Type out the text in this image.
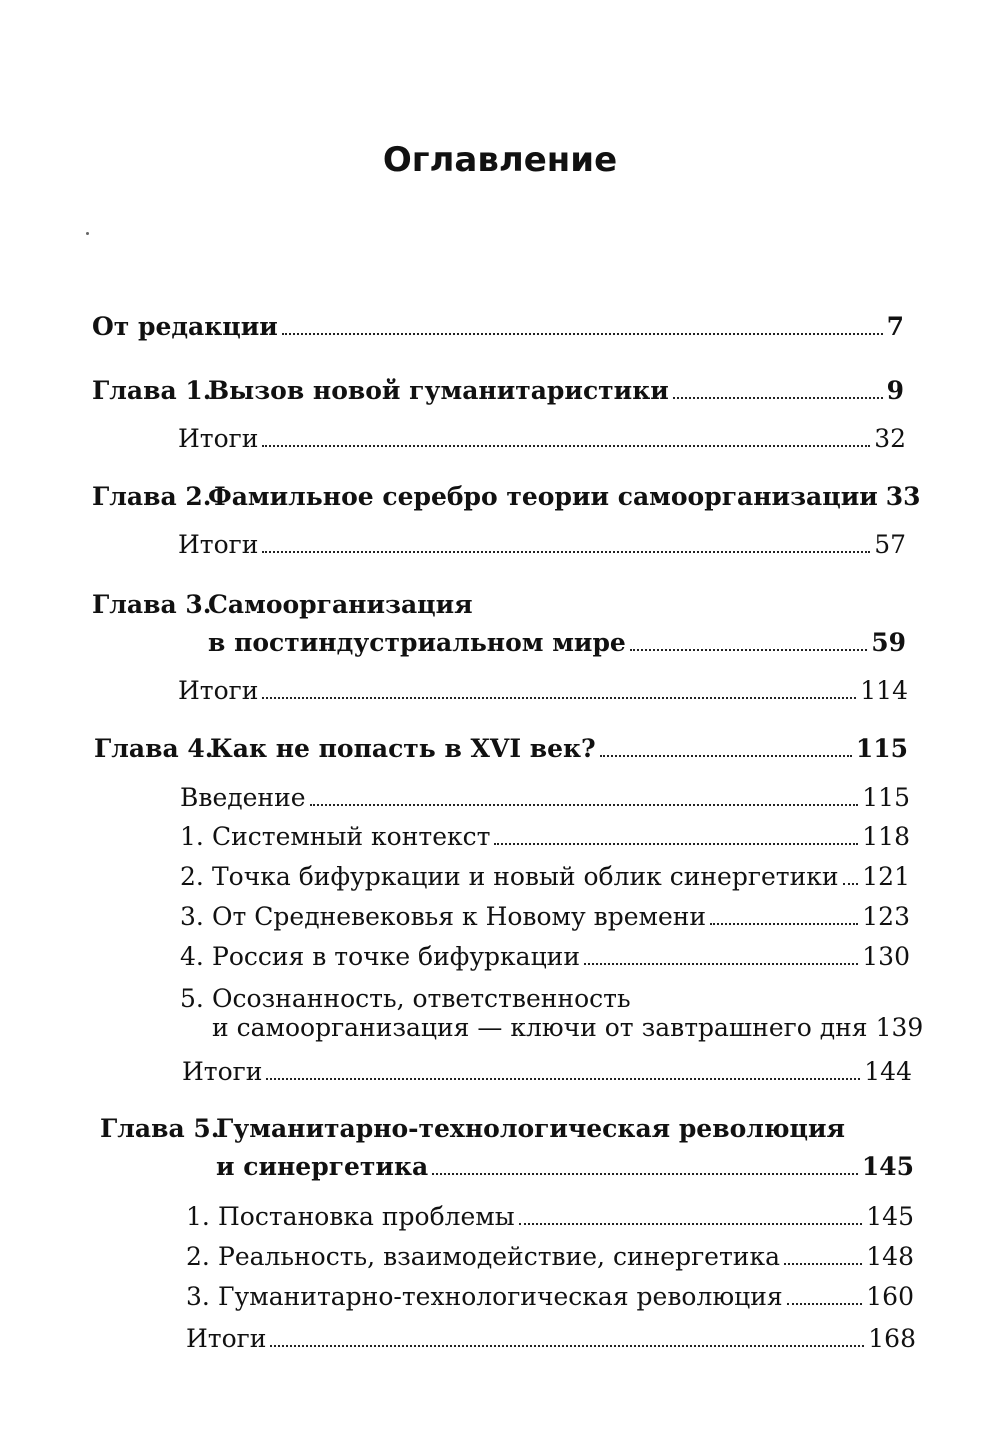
Оглавление
От редакции	7
Глава 1.
Вызов новой гуманитаристики	9
Итоги	32
Глава 2.
Фамильное серебро теории самоорганизации 33
Итоги	57
Глава 3.Самоорганизация
в постиндустриальном мире	59
Итоги	114
Глава 4.
Как не попасть в XVI век?	115
Введение	115
1. Системный контекст	118
2. Точка бифуркации и новый облик синергетики 121
3. От Средневековья к Новому времени	123
4. Россия в точке бифуркации	130
5. Осознанность, ответственность
и самоорганизация — ключи от завтрашнего дня 139
Итоги	144
Глава 5.Гуманитарно-технологическая революция
и синергетика	145
1. Постановка проблемы	145
2. Реальность, взаимодействие, синергетика	148
3. Гуманитарно-технологическая революция	160
Итоги	168
